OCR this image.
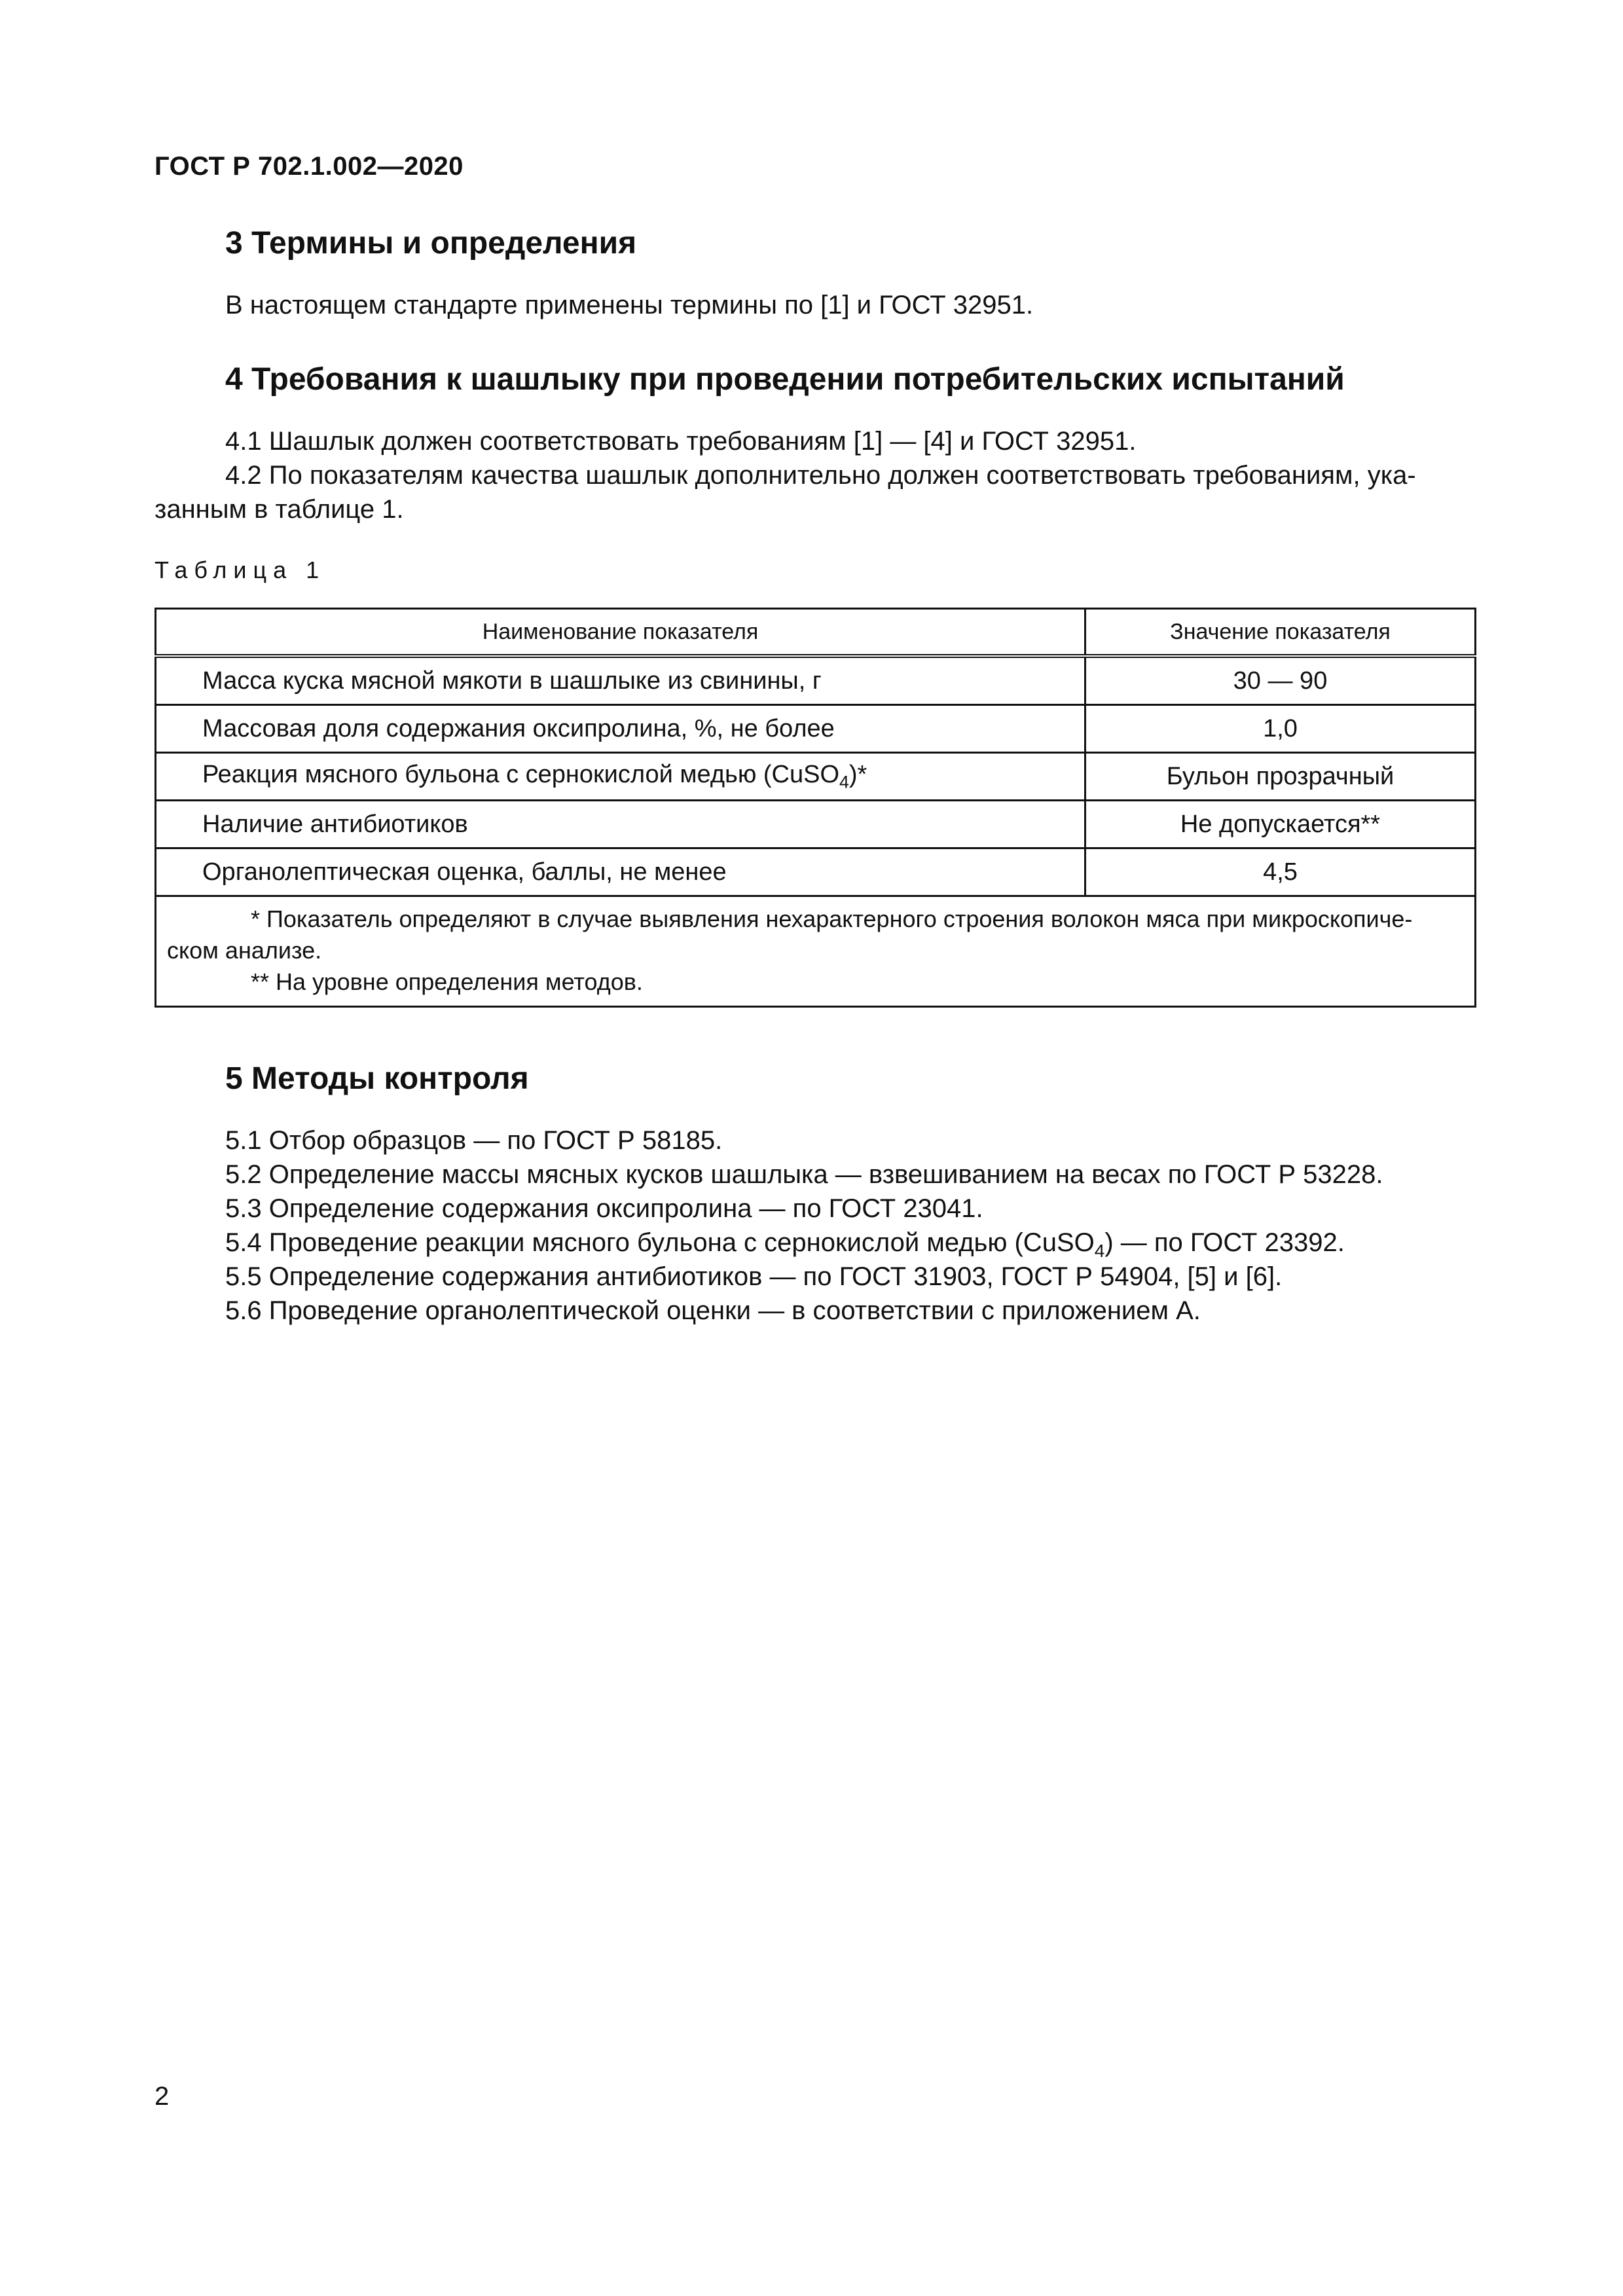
ГОСТ Р 702.1.002—2020

3 Термины и определения

В настоящем стандарте применены термины по [1] и ГОСТ 32951.

4 Требования к шашлыку при проведении потребительских испытаний

4.1 Шашлык должен соответствовать требованиям [1] — [4] и ГОСТ 32951.

4.2 По показателям качества шашлык дополнительно должен соответствовать требованиям, ука-

занным в таблице 1.

Таблица 1

Наименование показателя	Значение показателя
Масса куска мясной мякоти в шашлыке из свинины, г	30 — 90
Массовая доля содержания оксипролина, %, не более	1,0
Реакция мясного бульона с сернокислой медью (CuSO$_4$)*	Бульон прозрачный
Наличие антибиотиков	Не допускается**
Органолептическая оценка, баллы, не менее	4,5

* Показатель определяют в случае выявления нехарактерного строения волокон мяса при микроскопиче-
ском анализе.
** На уровне определения методов.	
5 Методы контроля

5.1 Отбор образцов — по ГОСТ Р 58185.

5.2 Определение массы мясных кусков шашлыка — взвешиванием на весах по ГОСТ Р 53228.

5.3 Определение содержания оксипролина — по ГОСТ 23041.

5.4 Проведение реакции мясного бульона с сернокислой медью (CuSO$_4$) — по ГОСТ 23392.

5.5 Определение содержания антибиотиков — по ГОСТ 31903, ГОСТ Р 54904, [5] и [6].

5.6 Проведение органолептической оценки — в соответствии с приложением А.

2
